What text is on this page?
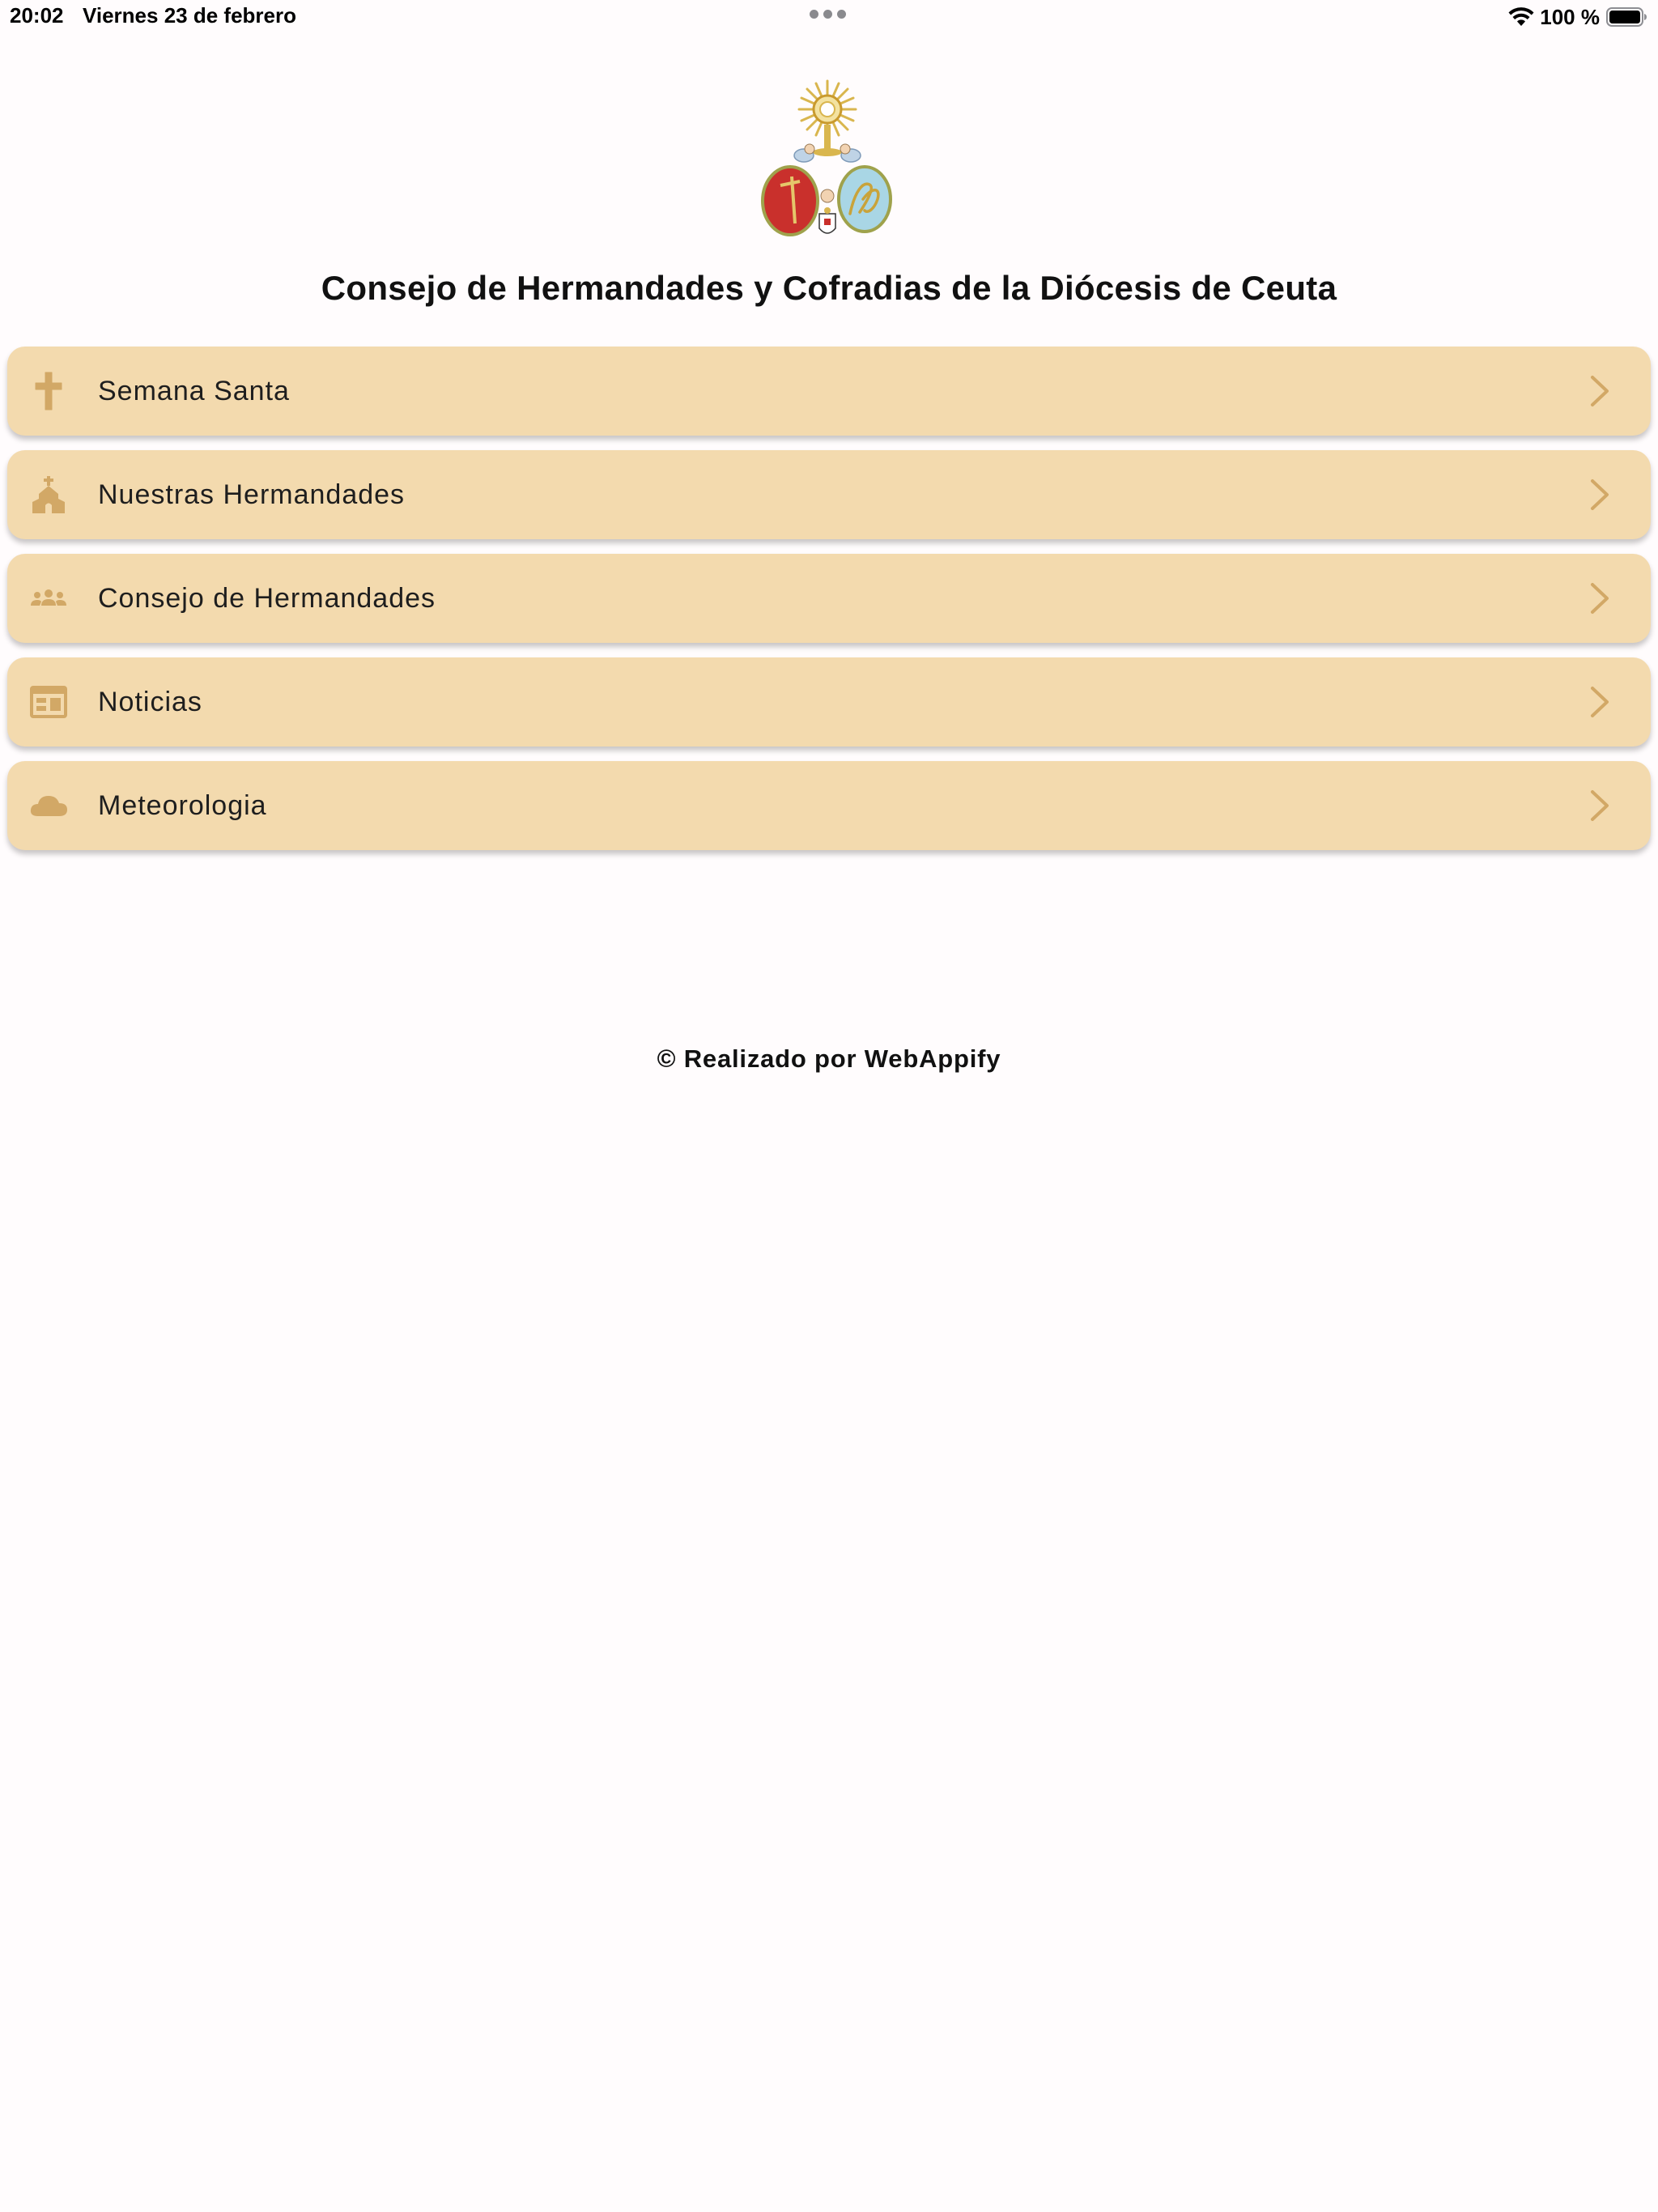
20:02 Viernes 23 de febrero	100 %
Consejo de Hermandades y Cofradias de la Diócesis de Ceuta
Semana Santa
Nuestras Hermandades
Consejo de Hermandades
Noticias
Meteorologia
© Realizado por WebAppify
